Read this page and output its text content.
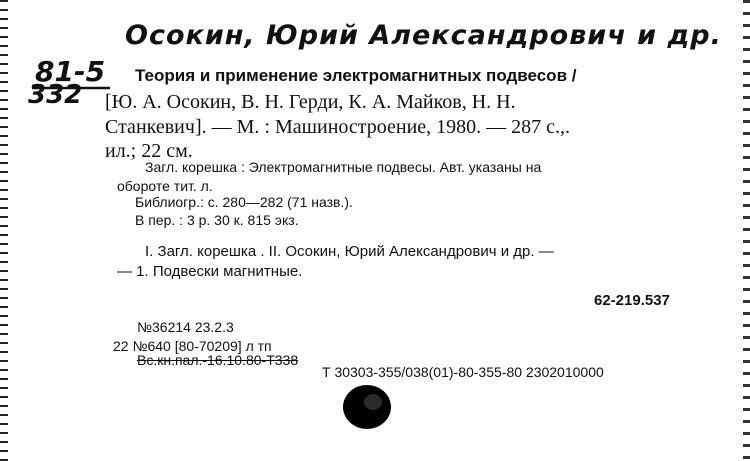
Осокин, Юрий Александрович и др.
81-5
332
Теория и применение электромагнитных подвесов /
[Ю. А. Осокин, В. Н. Герди, К. А. Майков, Н. Н.
Станкевич]. — М. : Машиностроение, 1980. — 287 с.,.
ил.; 22 см.
Загл. корешка : Электромагнитные подвесы. Авт. указаны на
обороте тит. л.
Библиогр.: с. 280—282 (71 назв.).
В пер. : 3 р. 30 к. 815 экз.
I. Загл. корешка . II. Осокин, Юрий Александрович и др. —
— 1. Подвески магнитные.
62-219.537
№36214 23.2.3
22 №640 [80-70209] л тп
Вс.кн.пал.-16.10.80-Т338
Т 30303-355/038(01)-80-355-80 2302010000
